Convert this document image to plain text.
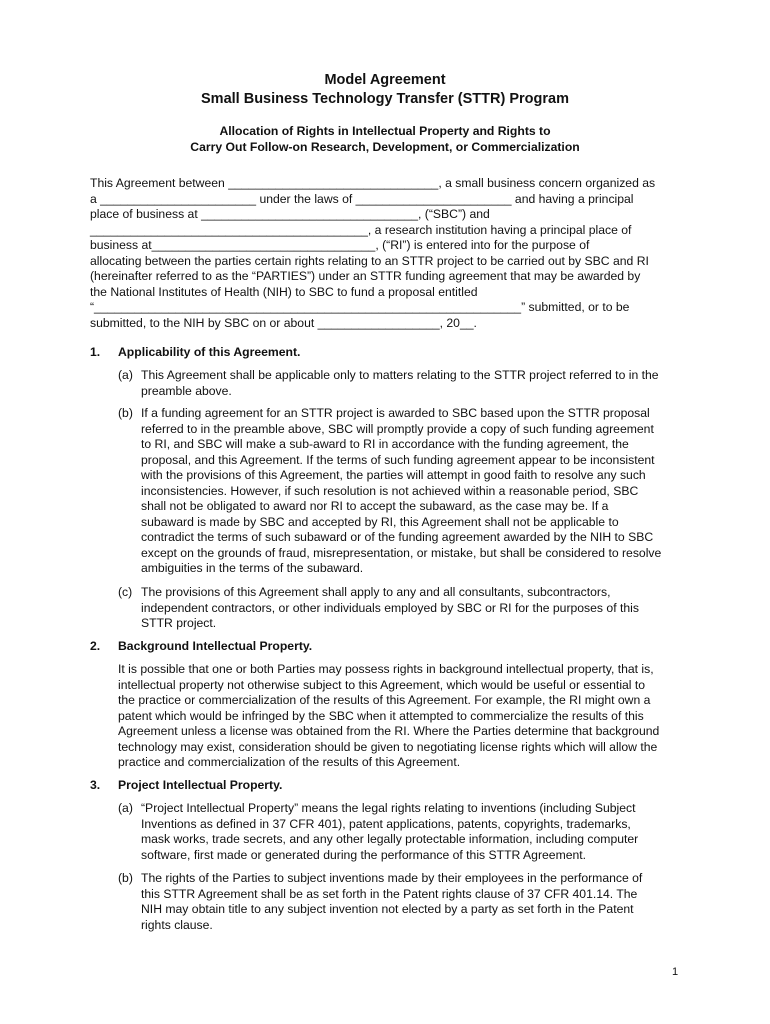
Model Agreement
Small Business Technology Transfer (STTR) Program
Allocation of Rights in Intellectual Property and Rights to
Carry Out Follow-on Research, Development, or Commercialization
This Agreement between _______________________________, a small business concern organized as
a _______________________ under the laws of _______________________ and having a principal
place of business at ________________________________, (“SBC”) and
_________________________________________, a research institution having a principal place of
business at_________________________________, (“RI”) is entered into for the purpose of
allocating between the parties certain rights relating to an STTR project to be carried out by SBC and RI
(hereinafter referred to as the “PARTIES”) under an STTR funding agreement that may be awarded by
the National Institutes of Health (NIH) to SBC to fund a proposal entitled
“_______________________________________________________________” submitted, or to be
submitted, to the NIH by SBC on or about __________________, 20__.
1. Applicability of this Agreement.
(a) This Agreement shall be applicable only to matters relating to the STTR project referred to in the
preamble above.
(b) If a funding agreement for an STTR project is awarded to SBC based upon the STTR proposal
referred to in the preamble above, SBC will promptly provide a copy of such funding agreement
to RI, and SBC will make a sub-award to RI in accordance with the funding agreement, the
proposal, and this Agreement. If the terms of such funding agreement appear to be inconsistent
with the provisions of this Agreement, the parties will attempt in good faith to resolve any such
inconsistencies. However, if such resolution is not achieved within a reasonable period, SBC
shall not be obligated to award nor RI to accept the subaward, as the case may be. If a
subaward is made by SBC and accepted by RI, this Agreement shall not be applicable to
contradict the terms of such subaward or of the funding agreement awarded by the NIH to SBC
except on the grounds of fraud, misrepresentation, or mistake, but shall be considered to resolve
ambiguities in the terms of the subaward.
(c) The provisions of this Agreement shall apply to any and all consultants, subcontractors,
independent contractors, or other individuals employed by SBC or RI for the purposes of this
STTR project.
2. Background Intellectual Property.
It is possible that one or both Parties may possess rights in background intellectual property, that is,
intellectual property not otherwise subject to this Agreement, which would be useful or essential to
the practice or commercialization of the results of this Agreement. For example, the RI might own a
patent which would be infringed by the SBC when it attempted to commercialize the results of this
Agreement unless a license was obtained from the RI. Where the Parties determine that background
technology may exist, consideration should be given to negotiating license rights which will allow the
practice and commercialization of the results of this Agreement.
3. Project Intellectual Property.
(a) “Project Intellectual Property” means the legal rights relating to inventions (including Subject
Inventions as defined in 37 CFR 401), patent applications, patents, copyrights, trademarks,
mask works, trade secrets, and any other legally protectable information, including computer
software, first made or generated during the performance of this STTR Agreement.
(b) The rights of the Parties to subject inventions made by their employees in the performance of
this STTR Agreement shall be as set forth in the Patent rights clause of 37 CFR 401.14. The
NIH may obtain title to any subject invention not elected by a party as set forth in the Patent
rights clause.
1
